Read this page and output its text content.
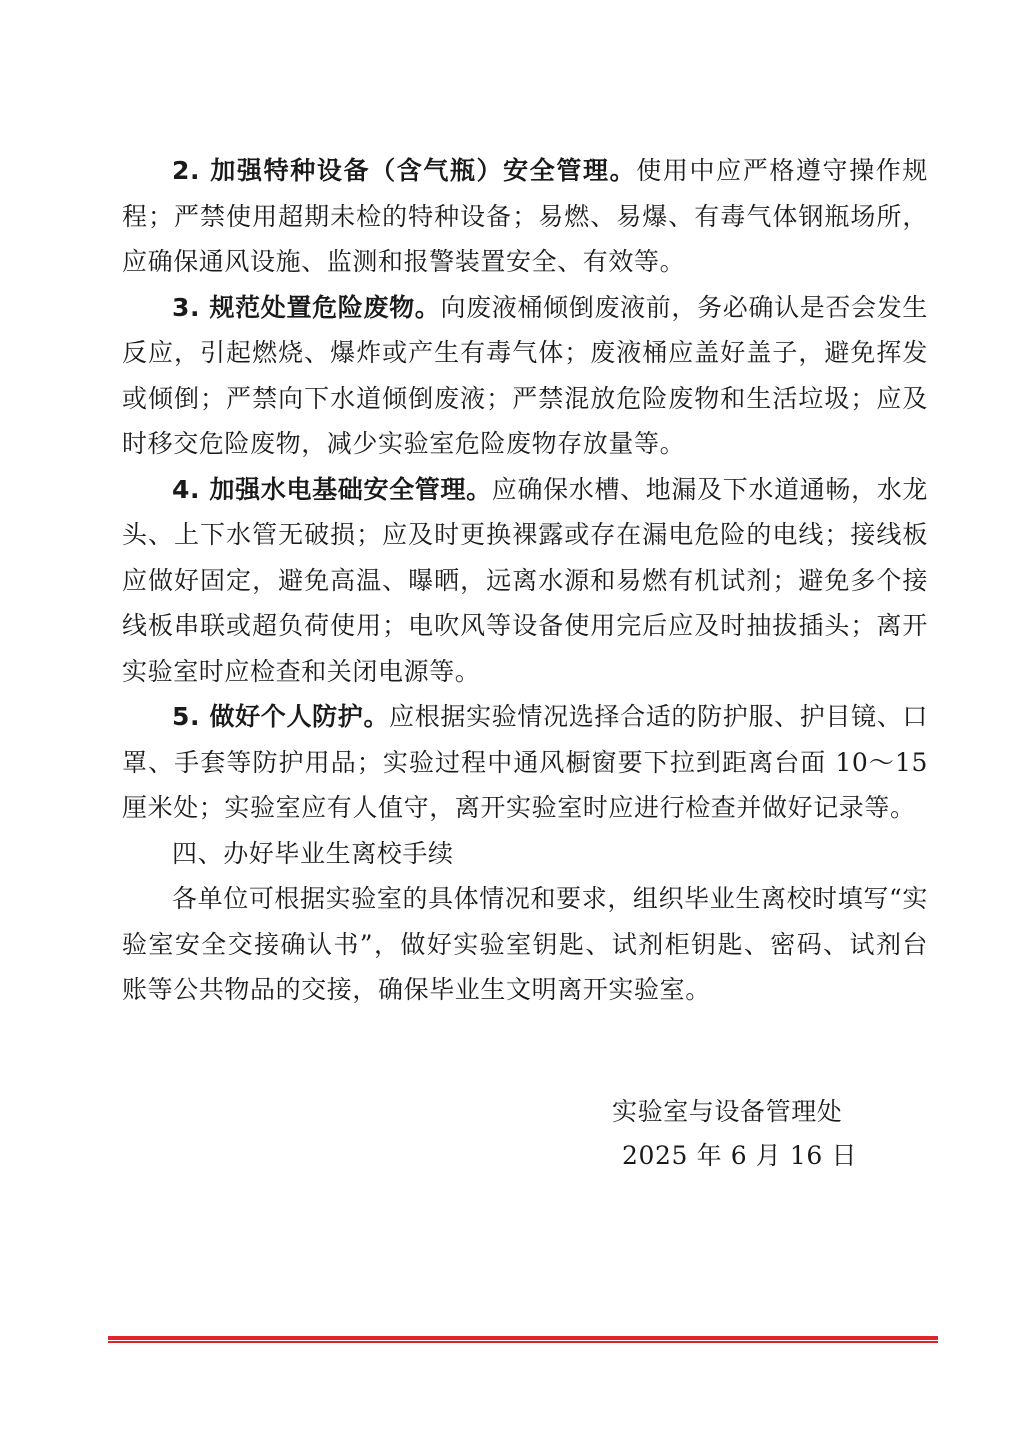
2. 加强特种设备（含气瓶）安全管理。使用中应严格遵守操作规程；严禁使用超期未检的特种设备；易燃、易爆、有毒气体钢瓶场所，应确保通风设施、监测和报警装置安全、有效等。

3. 规范处置危险废物。向废液桶倾倒废液前，务必确认是否会发生反应，引起燃烧、爆炸或产生有毒气体；废液桶应盖好盖子，避免挥发或倾倒；严禁向下水道倾倒废液；严禁混放危险废物和生活垃圾；应及时移交危险废物，减少实验室危险废物存放量等。

4. 加强水电基础安全管理。应确保水槽、地漏及下水道通畅，水龙头、上下水管无破损；应及时更换裸露或存在漏电危险的电线；接线板应做好固定，避免高温、曝晒，远离水源和易燃有机试剂；避免多个接线板串联或超负荷使用；电吹风等设备使用完后应及时抽拔插头；离开实验室时应检查和关闭电源等。

5. 做好个人防护。应根据实验情况选择合适的防护服、护目镜、口罩、手套等防护用品；实验过程中通风橱窗要下拉到距离台面 10～15 厘米处；实验室应有人值守，离开实验室时应进行检查并做好记录等。

四、办好毕业生离校手续

各单位可根据实验室的具体情况和要求，组织毕业生离校时填写“实验室安全交接确认书”，做好实验室钥匙、试剂柜钥匙、密码、试剂台账等公共物品的交接，确保毕业生文明离开实验室。

实验室与设备管理处
2025 年 6 月 16 日
